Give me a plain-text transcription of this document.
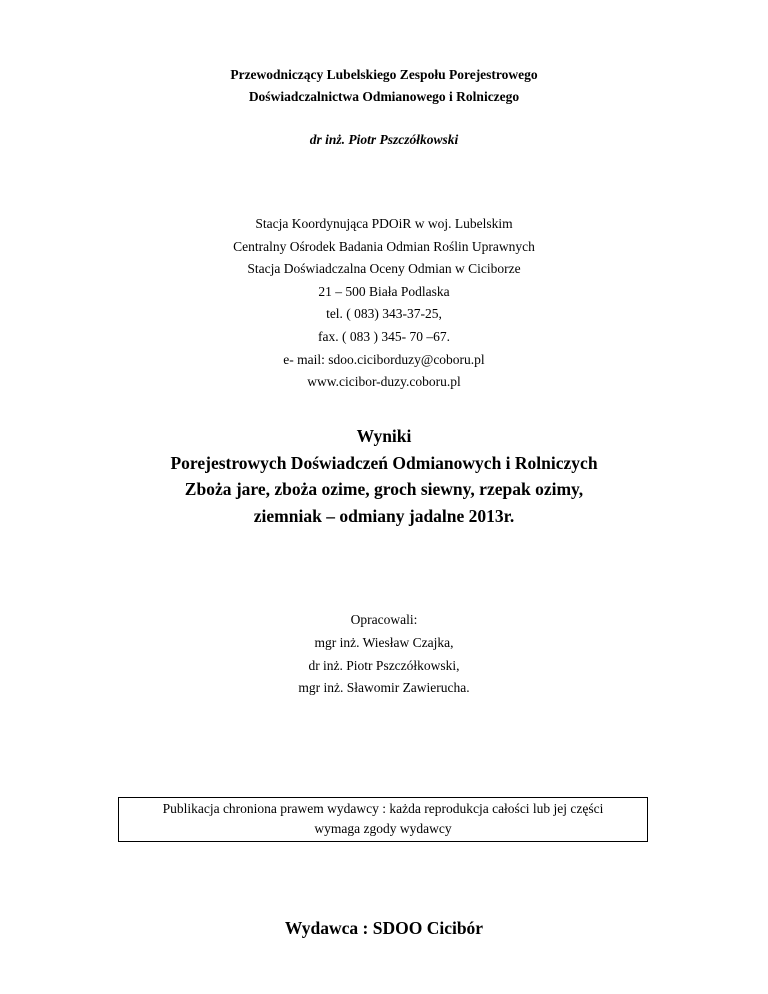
Przewodniczący Lubelskiego Zespołu Porejestrowego
Doświadczalnictwa Odmianowego i Rolniczego
dr inż. Piotr Pszczółkowski
Stacja Koordynująca PDOiR w woj. Lubelskim
Centralny Ośrodek Badania Odmian Roślin Uprawnych
Stacja Doświadczalna Oceny Odmian w Ciciborze
21 – 500 Biała Podlaska
tel. ( 083) 343-37-25,
fax. ( 083 ) 345- 70 –67.
e- mail: sdoo.ciciborduzy@coboru.pl
www.cicibor-duzy.coboru.pl
Wyniki
Porejestrowych Doświadczeń Odmianowych i Rolniczych
Zboża jare, zboża ozime, groch siewny, rzepak ozimy,
ziemniak – odmiany jadalne 2013r.
Opracowali:
mgr inż. Wiesław Czajka,
dr inż. Piotr Pszczółkowski,
mgr inż. Sławomir Zawierucha.
Publikacja chroniona prawem wydawcy : każda reprodukcja całości lub jej części
wymaga zgody wydawcy
Wydawca : SDOO Cicibór
